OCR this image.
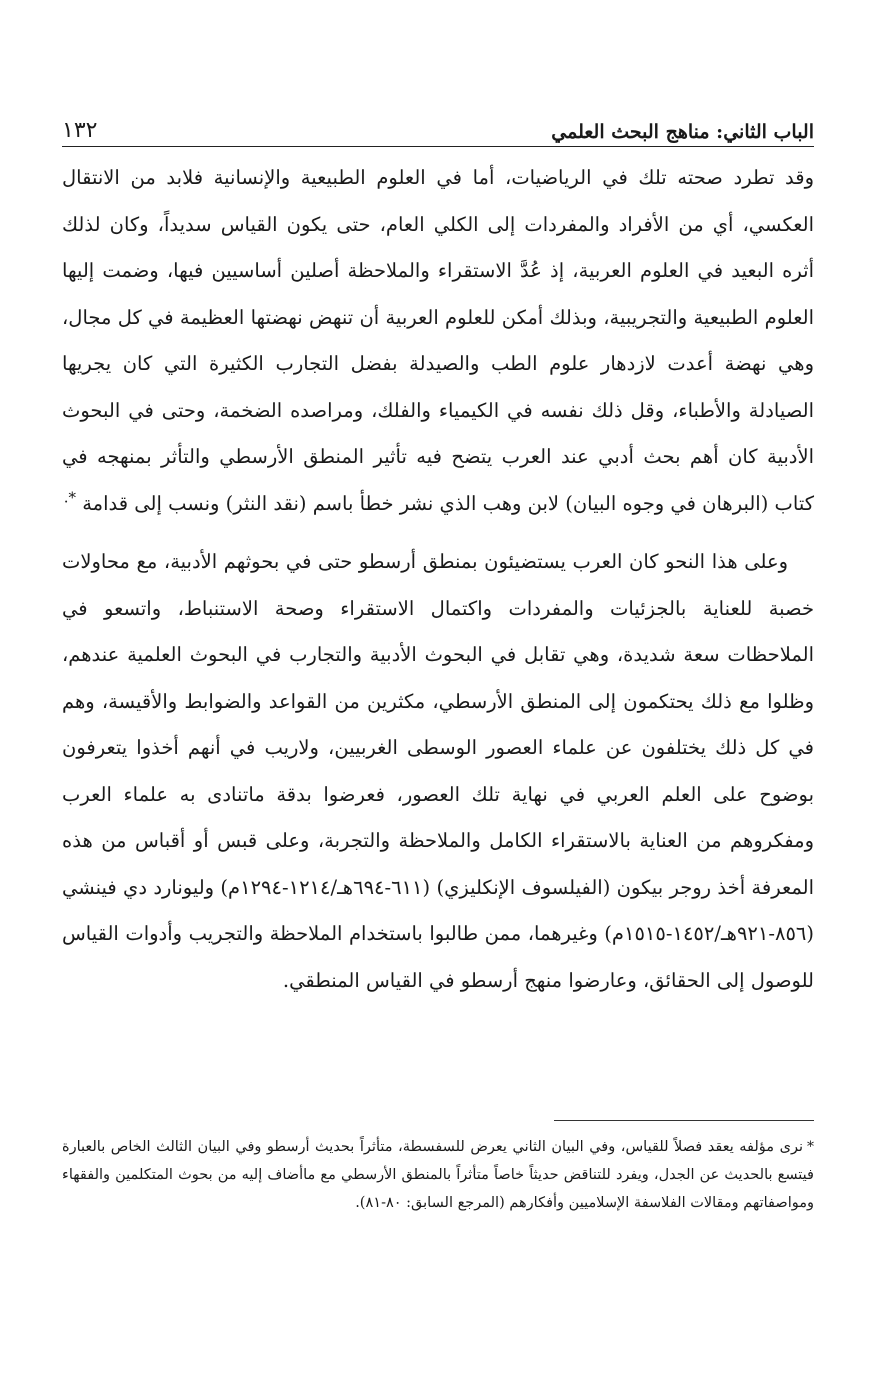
الباب الثاني: مناهج البحث العلمي
١٣٢

وقد تطرد صحته تلك في الرياضيات، أما في العلوم الطبيعية والإنسانية فلابد من الانتقال العكسي، أي من الأفراد والمفردات إلى الكلي العام، حتى يكون القياس سديداً، وكان لذلك أثره البعيد في العلوم العربية، إذ عُدَّ الاستقراء والملاحظة أصلين أساسيين فيها، وضمت إليها العلوم الطبيعية والتجريبية، وبذلك أمكن للعلوم العربية أن تنهض نهضتها العظيمة في كل مجال، وهي نهضة أعدت لازدهار علوم الطب والصيدلة بفضل التجارب الكثيرة التي كان يجريها الصيادلة والأطباء، وقل ذلك نفسه في الكيمياء والفلك، ومراصده الضخمة، وحتى في البحوث الأدبية كان أهم بحث أدبي عند العرب يتضح فيه تأثير المنطق الأرسطي والتأثر بمنهجه في كتاب (البرهان في وجوه البيان) لابن وهب الذي نشر خطأ باسم (نقد النثر) ونسب إلى قدامة *.

وعلى هذا النحو كان العرب يستضيئون بمنطق أرسطو حتى في بحوثهم الأدبية، مع محاولات خصبة للعناية بالجزئيات والمفردات واكتمال الاستقراء وصحة الاستنباط، واتسعو في الملاحظات سعة شديدة، وهي تقابل في البحوث الأدبية والتجارب في البحوث العلمية عندهم، وظلوا مع ذلك يحتكمون إلى المنطق الأرسطي، مكثرين من القواعد والضوابط والأقيسة، وهم في كل ذلك يختلفون عن علماء العصور الوسطى الغربيين، ولاريب في أنهم أخذوا يتعرفون بوضوح على العلم العربي في نهاية تلك العصور، فعرضوا بدقة ماتنادى به علماء العرب ومفكروهم من العناية بالاستقراء الكامل والملاحظة والتجربة، وعلى قبس أو أقباس من هذه المعرفة أخذ روجر بيكون (الفيلسوف الإنكليزي) (٦١١-٦٩٤هـ/١٢١٤-١٢٩٤م) وليونارد دي فينشي (٨٥٦-٩٢١هـ/١٤٥٢-١٥١٥م) وغيرهما، ممن طالبوا باستخدام الملاحظة والتجريب وأدوات القياس للوصول إلى الحقائق، وعارضوا منهج أرسطو في القياس المنطقي.

*نرى مؤلفه يعقد فصلاً للقياس، وفي البيان الثاني يعرض للسفسطة، متأثراً بحديث أرسطو وفي البيان الثالث الخاص بالعبارة فيتسع بالحديث عن الجدل، ويفرد للتناقض حديثاً خاصاً متأثراً بالمنطق الأرسطي مع ماأضاف إليه من بحوث المتكلمين والفقهاء ومواصفاتهم ومقالات الفلاسفة الإسلاميين وأفكارهم (المرجع السابق: ٨٠-٨١).
